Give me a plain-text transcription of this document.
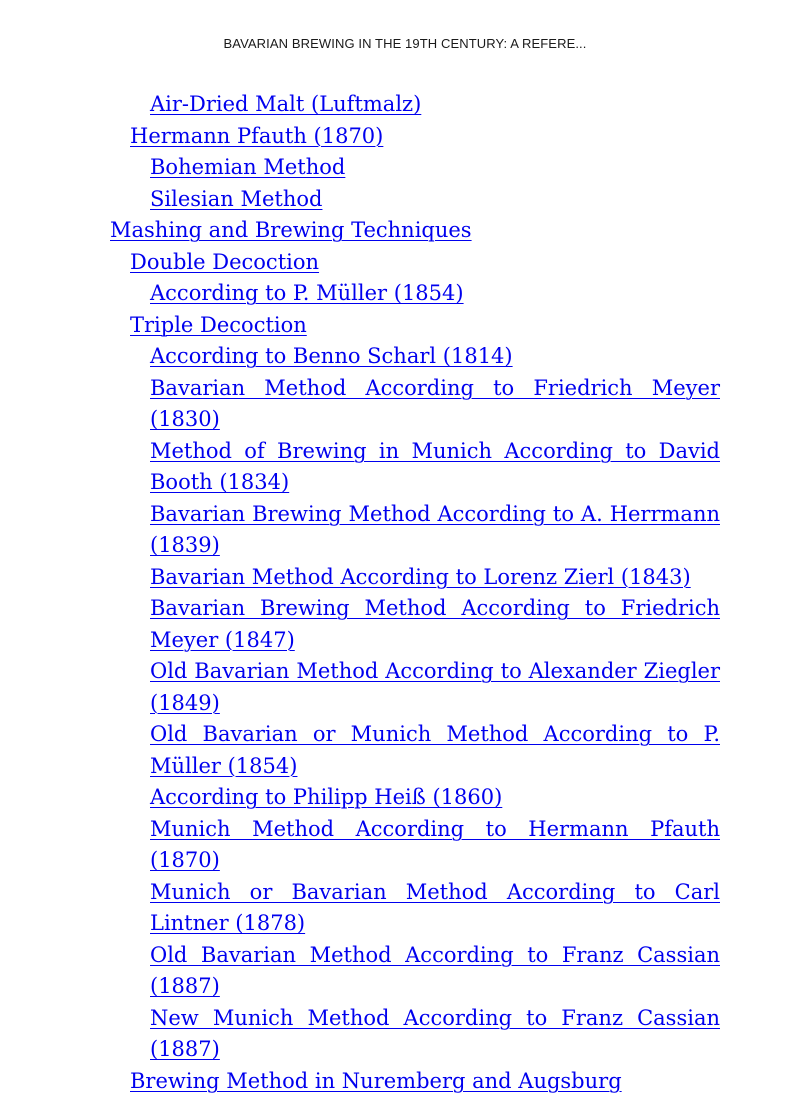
BAVARIAN BREWING IN THE 19TH CENTURY: A REFERE...
Air-Dried Malt (Luftmalz)
Hermann Pfauth (1870)
Bohemian Method
Silesian Method
Mashing and Brewing Techniques
Double Decoction
According to P. Müller (1854)
Triple Decoction
According to Benno Scharl (1814)
Bavarian Method According to Friedrich Meyer (1830)
Method of Brewing in Munich According to David Booth (1834)
Bavarian Brewing Method According to A. Herrmann (1839)
Bavarian Method According to Lorenz Zierl (1843)
Bavarian Brewing Method According to Friedrich Meyer (1847)
Old Bavarian Method According to Alexander Ziegler (1849)
Old Bavarian or Munich Method According to P. Müller (1854)
According to Philipp Heiß (1860)
Munich Method According to Hermann Pfauth (1870)
Munich or Bavarian Method According to Carl Lintner (1878)
Old Bavarian Method According to Franz Cassian (1887)
New Munich Method According to Franz Cassian (1887)
Brewing Method in Nuremberg and Augsburg
